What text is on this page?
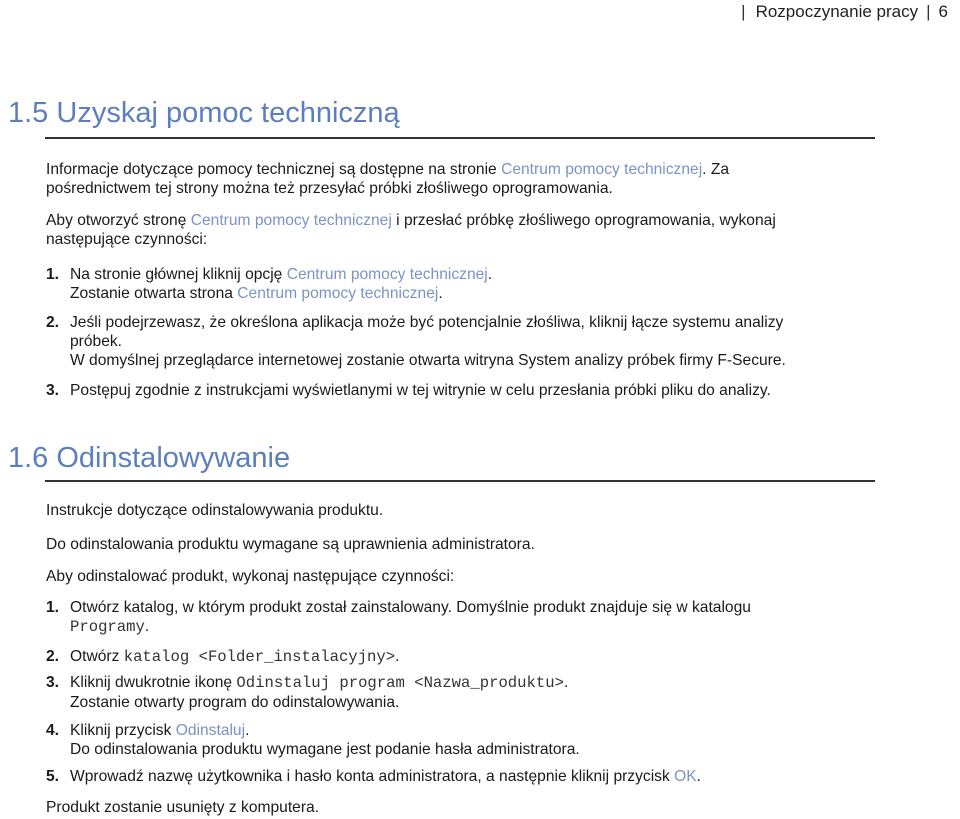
| Rozpoczynanie pracy | 6
1.5 Uzyskaj pomoc techniczną

Informacje dotyczące pomocy technicznej są dostępne na stronie Centrum pomocy technicznej. Za
pośrednictwem tej strony można też przesyłać próbki złośliwego oprogramowania.

Aby otworzyć stronę Centrum pomocy technicznej i przesłać próbkę złośliwego oprogramowania, wykonaj
następujące czynności:

1. Na stronie głównej kliknij opcję Centrum pomocy technicznej.
Zostanie otwarta strona Centrum pomocy technicznej.
2. Jeśli podejrzewasz, że określona aplikacja może być potencjalnie złośliwa, kliknij łącze systemu analizy
próbek.
W domyślnej przeglądarce internetowej zostanie otwarta witryna System analizy próbek firmy F-Secure.
3. Postępuj zgodnie z instrukcjami wyświetlanymi w tej witrynie w celu przesłania próbki pliku do analizy.
1.6 Odinstalowywanie

Instrukcje dotyczące odinstalowywania produktu.

Do odinstalowania produktu wymagane są uprawnienia administratora.

Aby odinstalować produkt, wykonaj następujące czynności:

1. Otwórz katalog, w którym produkt został zainstalowany. Domyślnie produkt znajduje się w katalogu
Programy.
2. Otwórz katalog <Folder_instalacyjny>.
3. Kliknij dwukrotnie ikonę Odinstaluj program <Nazwa_produktu>.
Zostanie otwarty program do odinstalowywania.
4. Kliknij przycisk Odinstaluj.
Do odinstalowania produktu wymagane jest podanie hasła administratora.
5. Wprowadź nazwę użytkownika i hasło konta administratora, a następnie kliknij przycisk OK.

Produkt zostanie usunięty z komputera.
